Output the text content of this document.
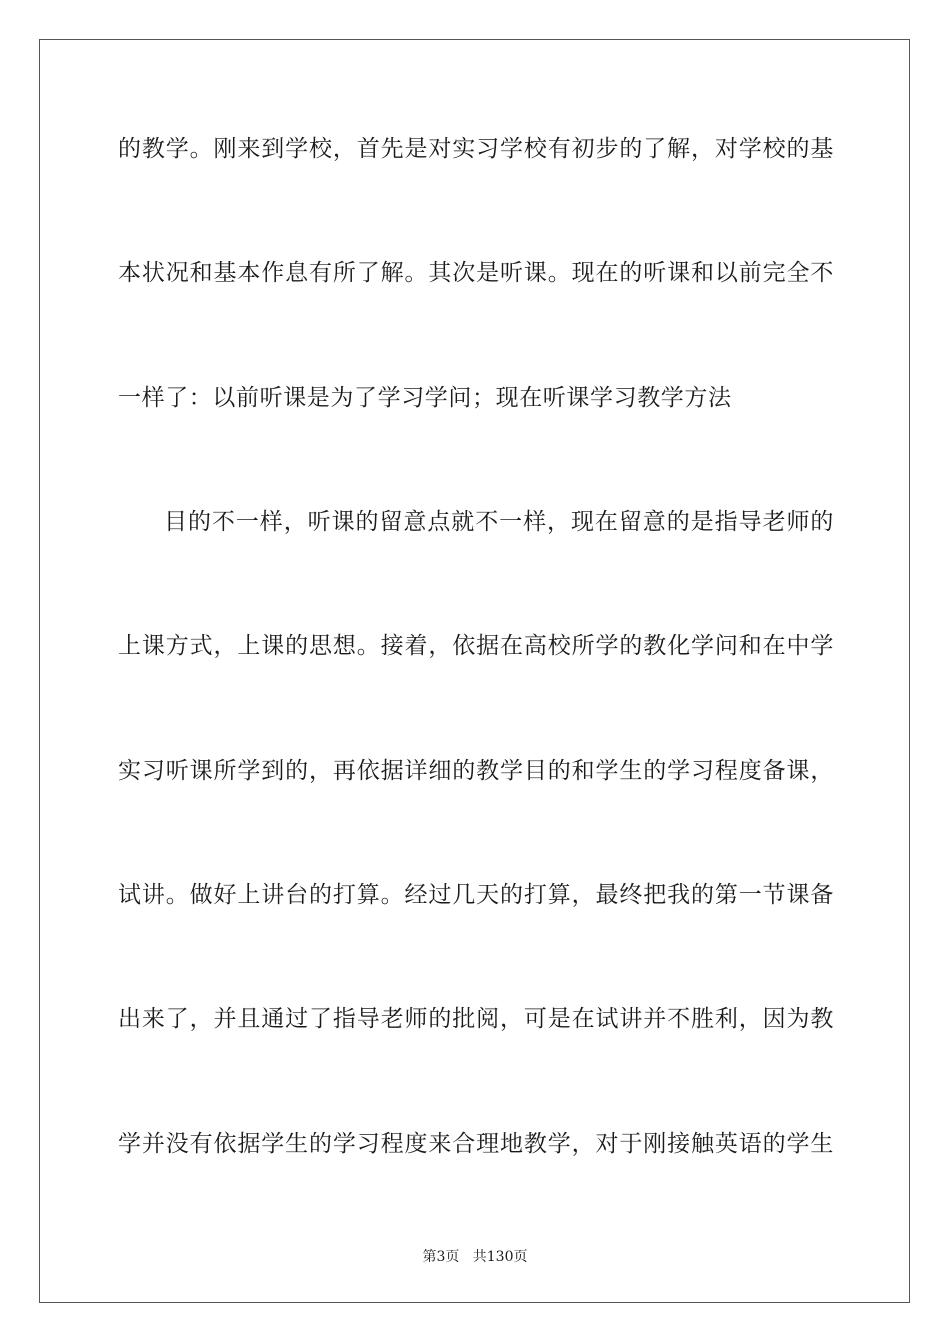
的教学。刚来到学校，首先是对实习学校有初步的了解，对学校的基

本状况和基本作息有所了解。其次是听课。现在的听课和以前完全不

一样了：以前听课是为了学习学问；现在听课学习教学方法

目的不一样，听课的留意点就不一样，现在留意的是指导老师的

上课方式，上课的思想。接着，依据在高校所学的教化学问和在中学

实习听课所学到的，再依据详细的教学目的和学生的学习程度备课，

试讲。做好上讲台的打算。经过几天的打算，最终把我的第一节课备

出来了，并且通过了指导老师的批阅，可是在试讲并不胜利，因为教

学并没有依据学生的学习程度来合理地教学，对于刚接触英语的学生

第3页   共130页
